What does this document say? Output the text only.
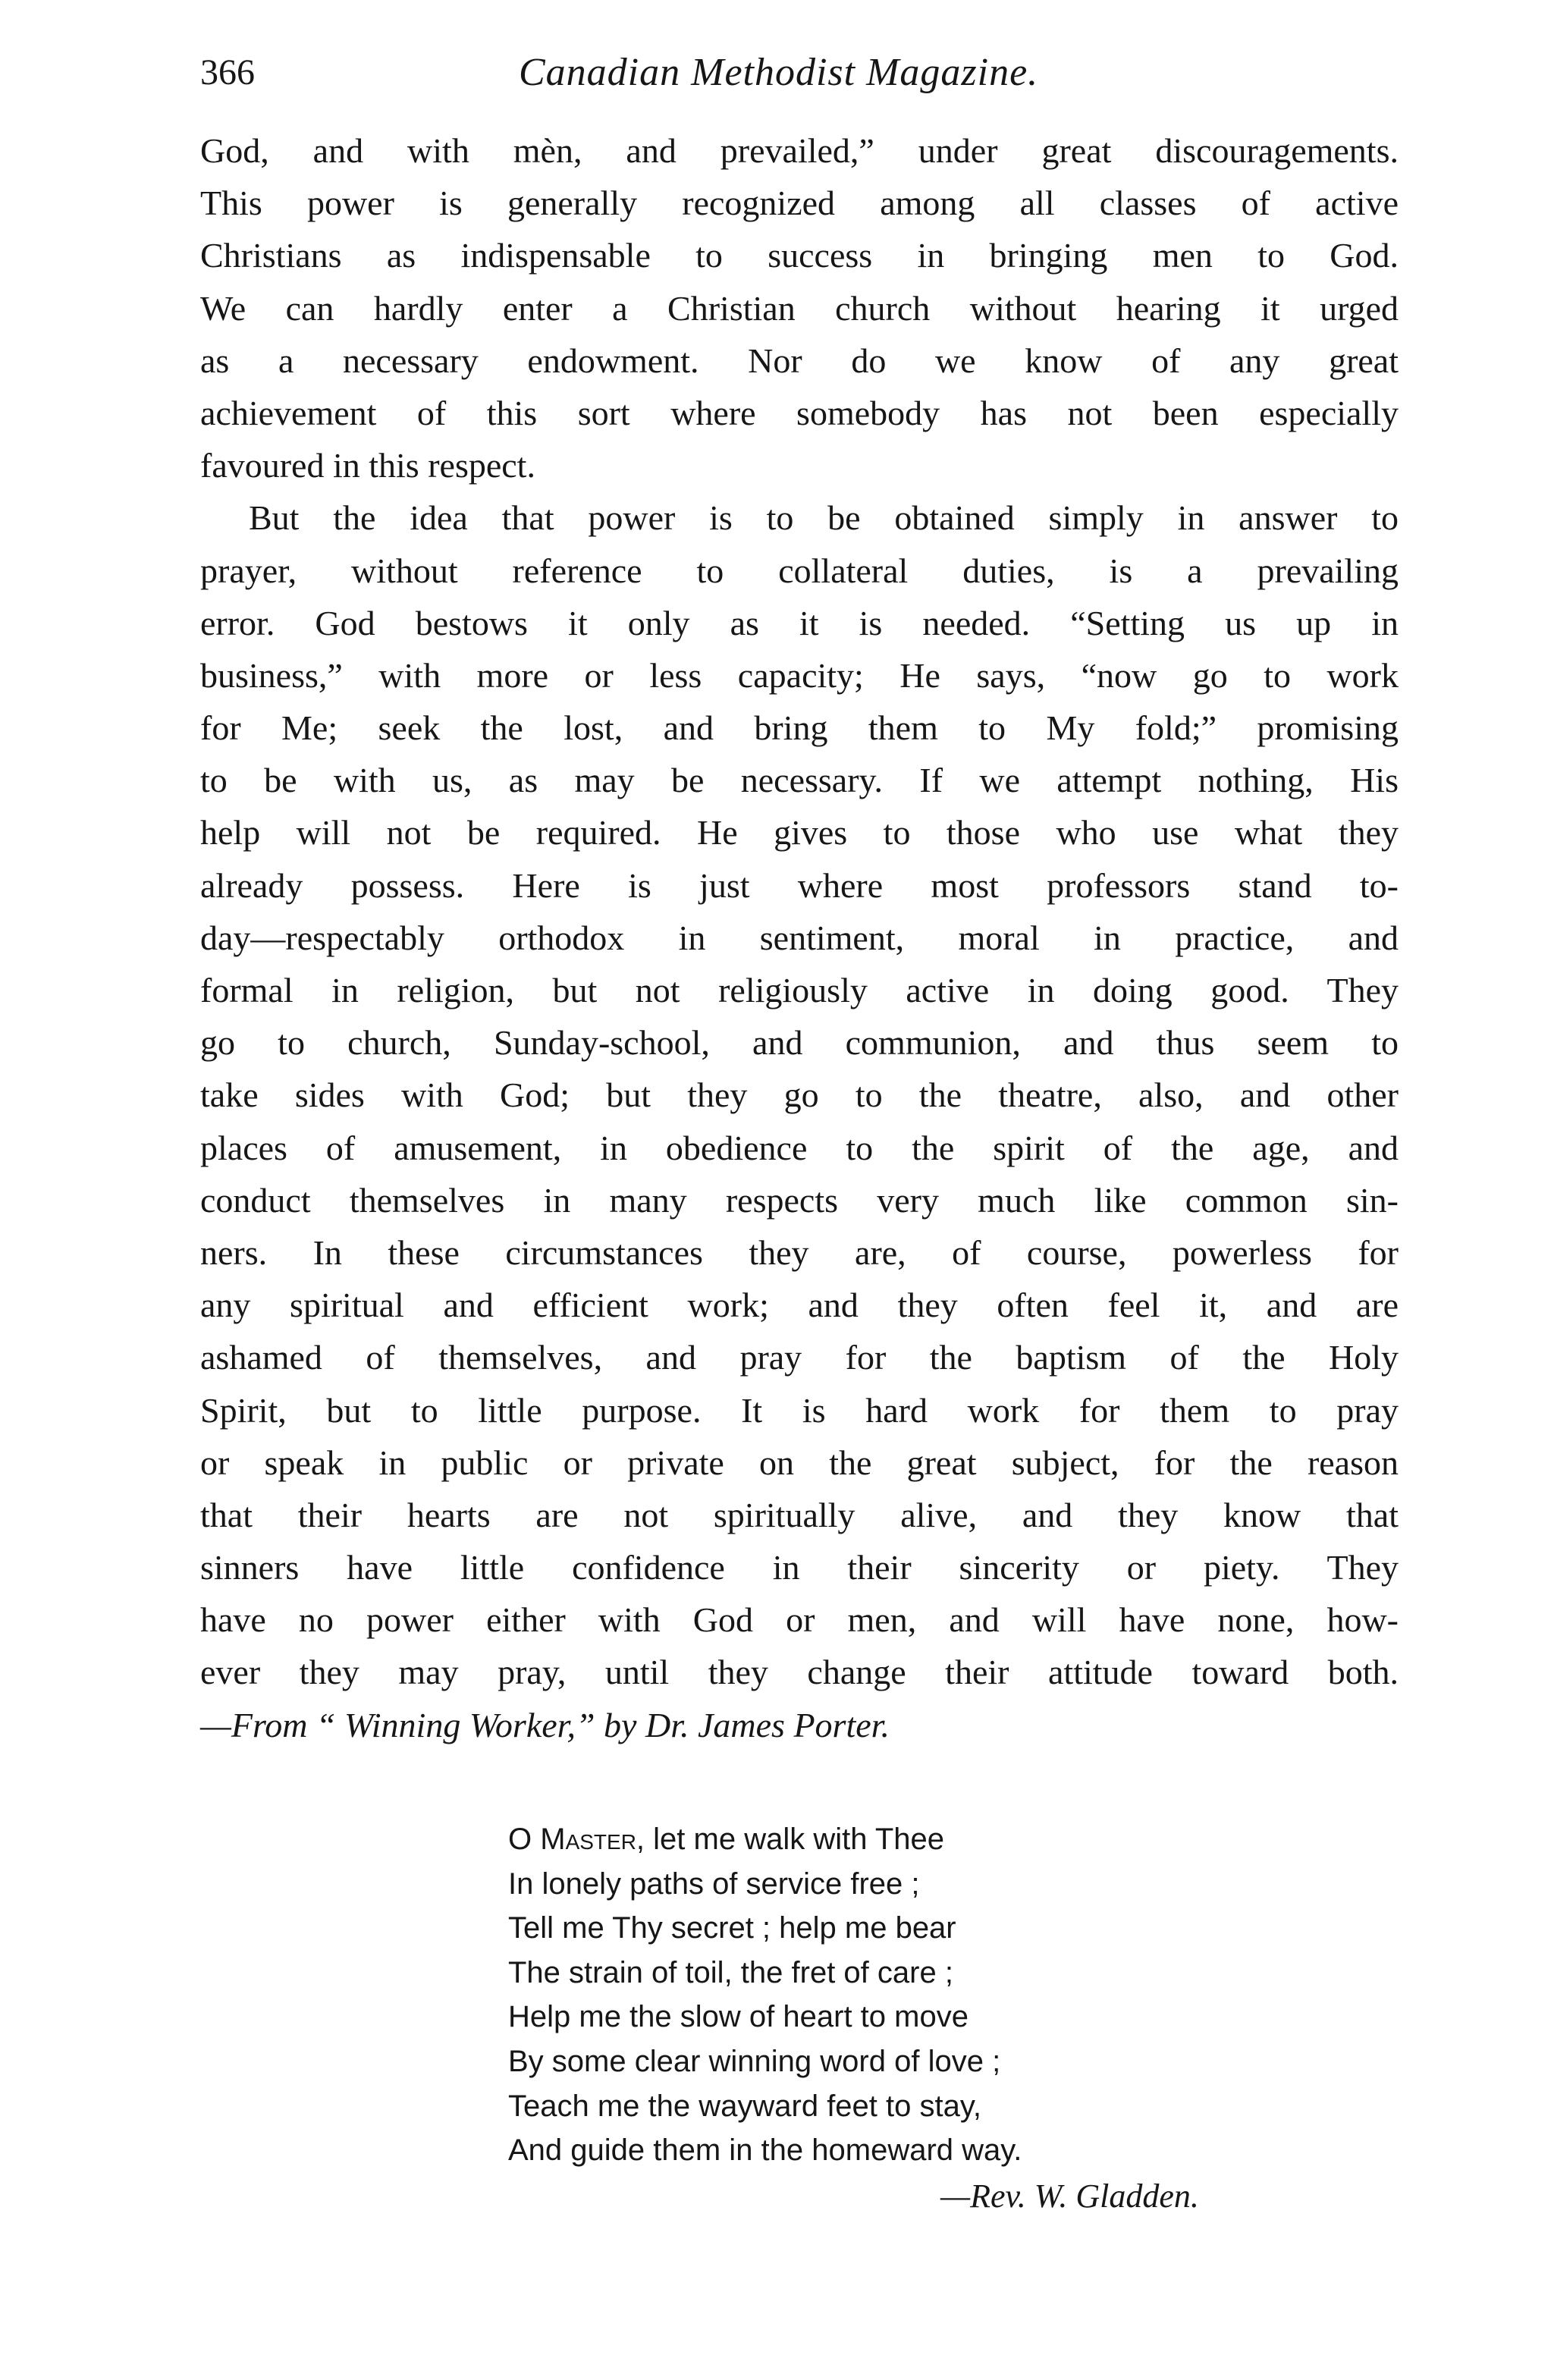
366	Canadian Methodist Magazine.
God, and with mèn, and prevailed,” under great discouragements.
This power is generally recognized among all classes of active
Christians as indispensable to success in bringing men to God.
We can hardly enter a Christian church without hearing it urged
as a necessary endowment. Nor do we know of any great
achievement of this sort where somebody has not been especially
favoured in this respect.
But the idea that power is to be obtained simply in answer to
prayer, without reference to collateral duties, is a prevailing
error. God bestows it only as it is needed. “Setting us up in
business,” with more or less capacity; He says, “now go to work
for Me; seek the lost, and bring them to My fold;” promising
to be with us, as may be necessary. If we attempt nothing, His
help will not be required. He gives to those who use what they
already possess. Here is just where most professors stand to-
day—respectably orthodox in sentiment, moral in practice, and
formal in religion, but not religiously active in doing good. They
go to church, Sunday-school, and communion, and thus seem to
take sides with God; but they go to the theatre, also, and other
places of amusement, in obedience to the spirit of the age, and
conduct themselves in many respects very much like common sin-
ners. In these circumstances they are, of course, powerless for
any spiritual and efficient work; and they often feel it, and are
ashamed of themselves, and pray for the baptism of the Holy
Spirit, but to little purpose. It is hard work for them to pray
or speak in public or private on the great subject, for the reason
that their hearts are not spiritually alive, and they know that
sinners have little confidence in their sincerity or piety. They
have no power either with God or men, and will have none, how-
ever they may pray, until they change their attitude toward both.
—From “ Winning Worker,” by Dr. James Porter.
O Master, let me walk with Thee
In lonely paths of service free ;
Tell me Thy secret ; help me bear
The strain of toil, the fret of care ;
Help me the slow of heart to move
By some clear winning word of love ;
Teach me the wayward feet to stay,
And guide them in the homeward way.
—Rev. W. Gladden.
